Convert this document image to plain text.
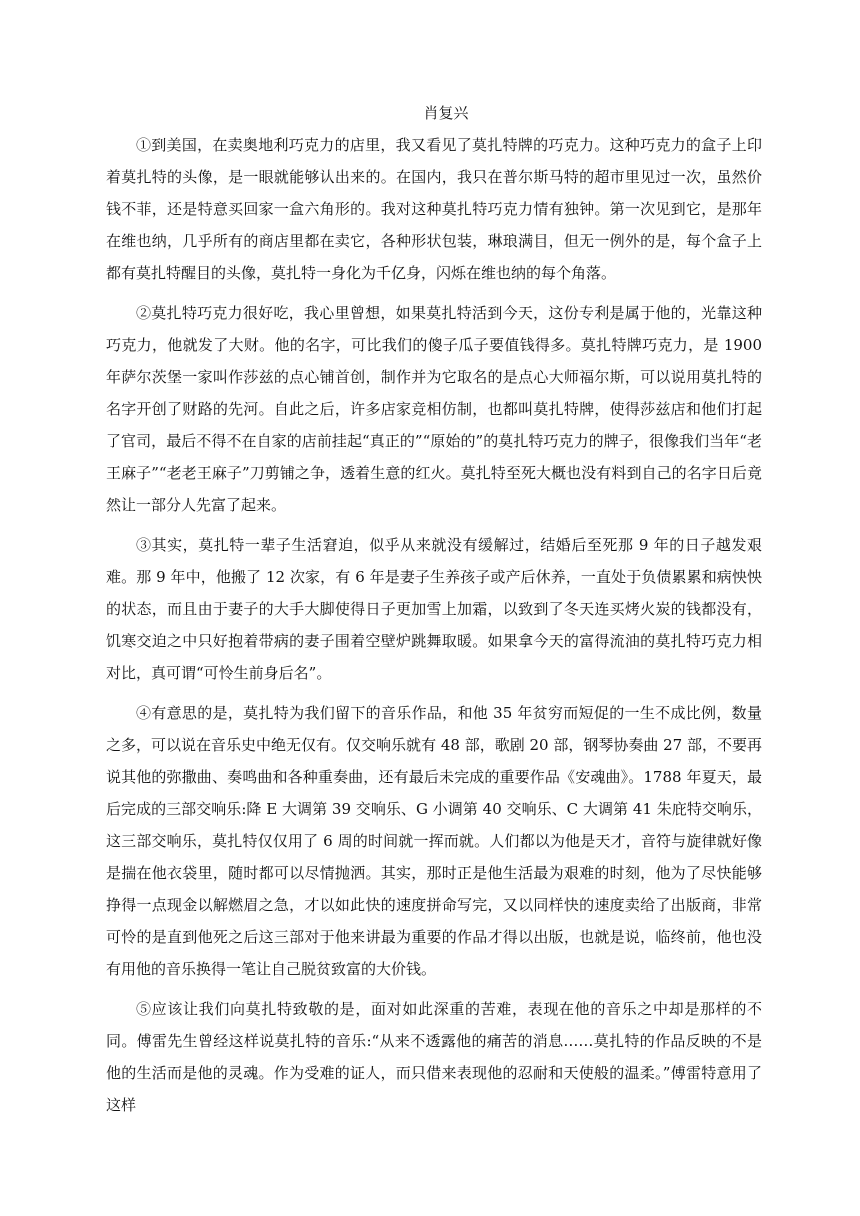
肖复兴

①到美国，在卖奥地利巧克力的店里，我又看见了莫扎特牌的巧克力。这种巧克力的盒子上印着莫扎特的头像，是一眼就能够认出来的。在国内，我只在普尔斯马特的超市里见过一次，虽然价钱不菲，还是特意买回家一盒六角形的。我对这种莫扎特巧克力情有独钟。第一次见到它，是那年在维也纳，几乎所有的商店里都在卖它，各种形状包装，琳琅满目，但无一例外的是，每个盒子上都有莫扎特醒目的头像，莫扎特一身化为千亿身，闪烁在维也纳的每个角落。

②莫扎特巧克力很好吃，我心里曾想，如果莫扎特活到今天，这份专利是属于他的，光靠这种巧克力，他就发了大财。他的名字，可比我们的傻子瓜子要值钱得多。莫扎特牌巧克力，是 1900 年萨尔茨堡一家叫作莎兹的点心铺首创，制作并为它取名的是点心大师福尔斯，可以说用莫扎特的名字开创了财路的先河。自此之后，许多店家竞相仿制，也都叫莫扎特牌，使得莎兹店和他们打起了官司，最后不得不在自家的店前挂起“真正的”“原始的”的莫扎特巧克力的牌子，很像我们当年“老王麻子”“老老王麻子”刀剪铺之争，透着生意的红火。莫扎特至死大概也没有料到自己的名字日后竟然让一部分人先富了起来。

③其实，莫扎特一辈子生活窘迫，似乎从来就没有缓解过，结婚后至死那 9 年的日子越发艰难。那 9 年中，他搬了 12 次家，有 6 年是妻子生养孩子或产后休养，一直处于负债累累和病怏怏的状态，而且由于妻子的大手大脚使得日子更加雪上加霜，以致到了冬天连买烤火炭的钱都没有，饥寒交迫之中只好抱着带病的妻子围着空壁炉跳舞取暖。如果拿今天的富得流油的莫扎特巧克力相对比，真可谓“可怜生前身后名”。

④有意思的是，莫扎特为我们留下的音乐作品，和他 35 年贫穷而短促的一生不成比例，数量之多，可以说在音乐史中绝无仅有。仅交响乐就有 48 部，歌剧 20 部，钢琴协奏曲 27 部，不要再说其他的弥撒曲、奏鸣曲和各种重奏曲，还有最后未完成的重要作品《安魂曲》。1788 年夏天，最后完成的三部交响乐:降 E 大调第 39 交响乐、G 小调第 40 交响乐、C 大调第 41 朱庇特交响乐，这三部交响乐，莫扎特仅仅用了 6 周的时间就一挥而就。人们都以为他是天才，音符与旋律就好像是揣在他衣袋里，随时都可以尽情抛洒。其实，那时正是他生活最为艰难的时刻，他为了尽快能够挣得一点现金以解燃眉之急，才以如此快的速度拼命写完，又以同样快的速度卖给了出版商，非常可怜的是直到他死之后这三部对于他来讲最为重要的作品才得以出版，也就是说，临终前，他也没有用他的音乐换得一笔让自己脱贫致富的大价钱。

⑤应该让我们向莫扎特致敬的是，面对如此深重的苦难，表现在他的音乐之中却是那样的不同。傅雷先生曾经这样说莫扎特的音乐:“从来不透露他的痛苦的消息……莫扎特的作品反映的不是他的生活而是他的灵魂。作为受难的证人，而只借来表现他的忍耐和天使般的温柔。”傅雷特意用了这样
